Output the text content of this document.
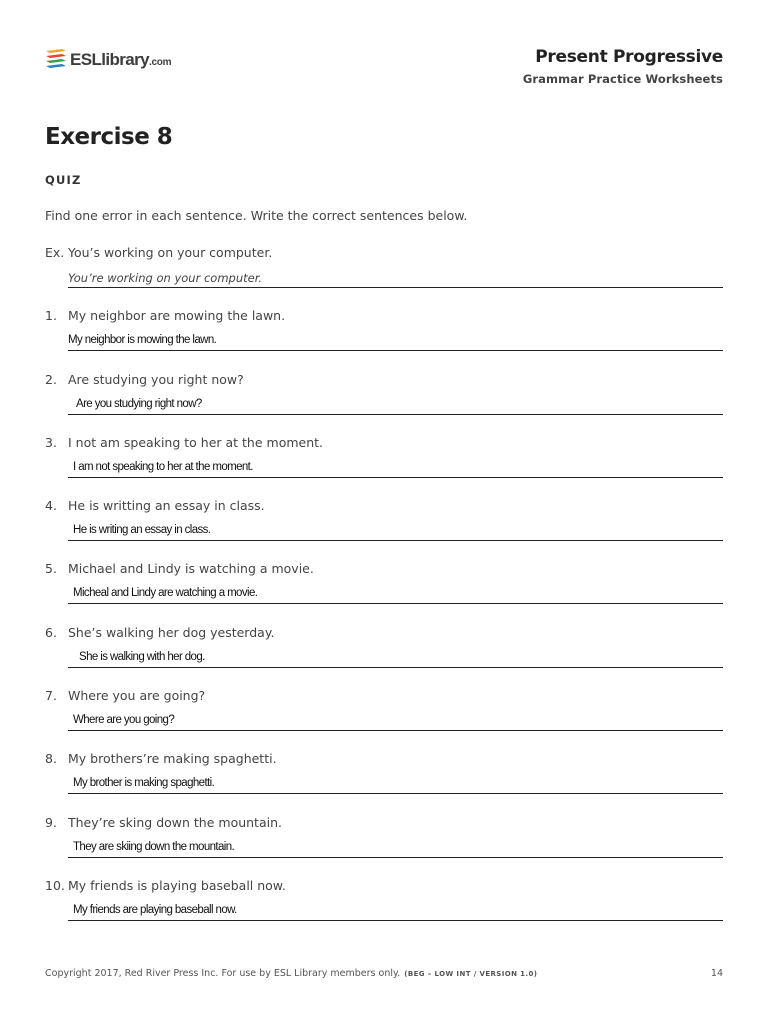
ESLlibrary.com	Present Progressive
Grammar Practice Worksheets
Exercise 8
QUIZ
Find one error in each sentence. Write the correct sentences below.
Ex. You’s working on your computer.
You’re working on your computer.
1. My neighbor are mowing the lawn.
My neighbor is mowing the lawn.
2. Are studying you right now?
Are you studying right now?
3. I not am speaking to her at the moment.
I am not speaking to her at the moment.
4. He is writting an essay in class.
He is writing an essay in class.
5. Michael and Lindy is watching a movie.
Micheal and Lindy are watching a movie.
6. She’s walking her dog yesterday.
She is walking with her dog.
7. Where you are going?
Where are you going?
8. My brothers’re making spaghetti.
My brother is making spaghetti.
9. They’re sking down the mountain.
They are skiing down the mountain.
10. My friends is playing baseball now.
My friends are playing baseball now.
Copyright 2017, Red River Press Inc. For use by ESL Library members only. (BEG – LOW INT / VERSION 1.0)	14
